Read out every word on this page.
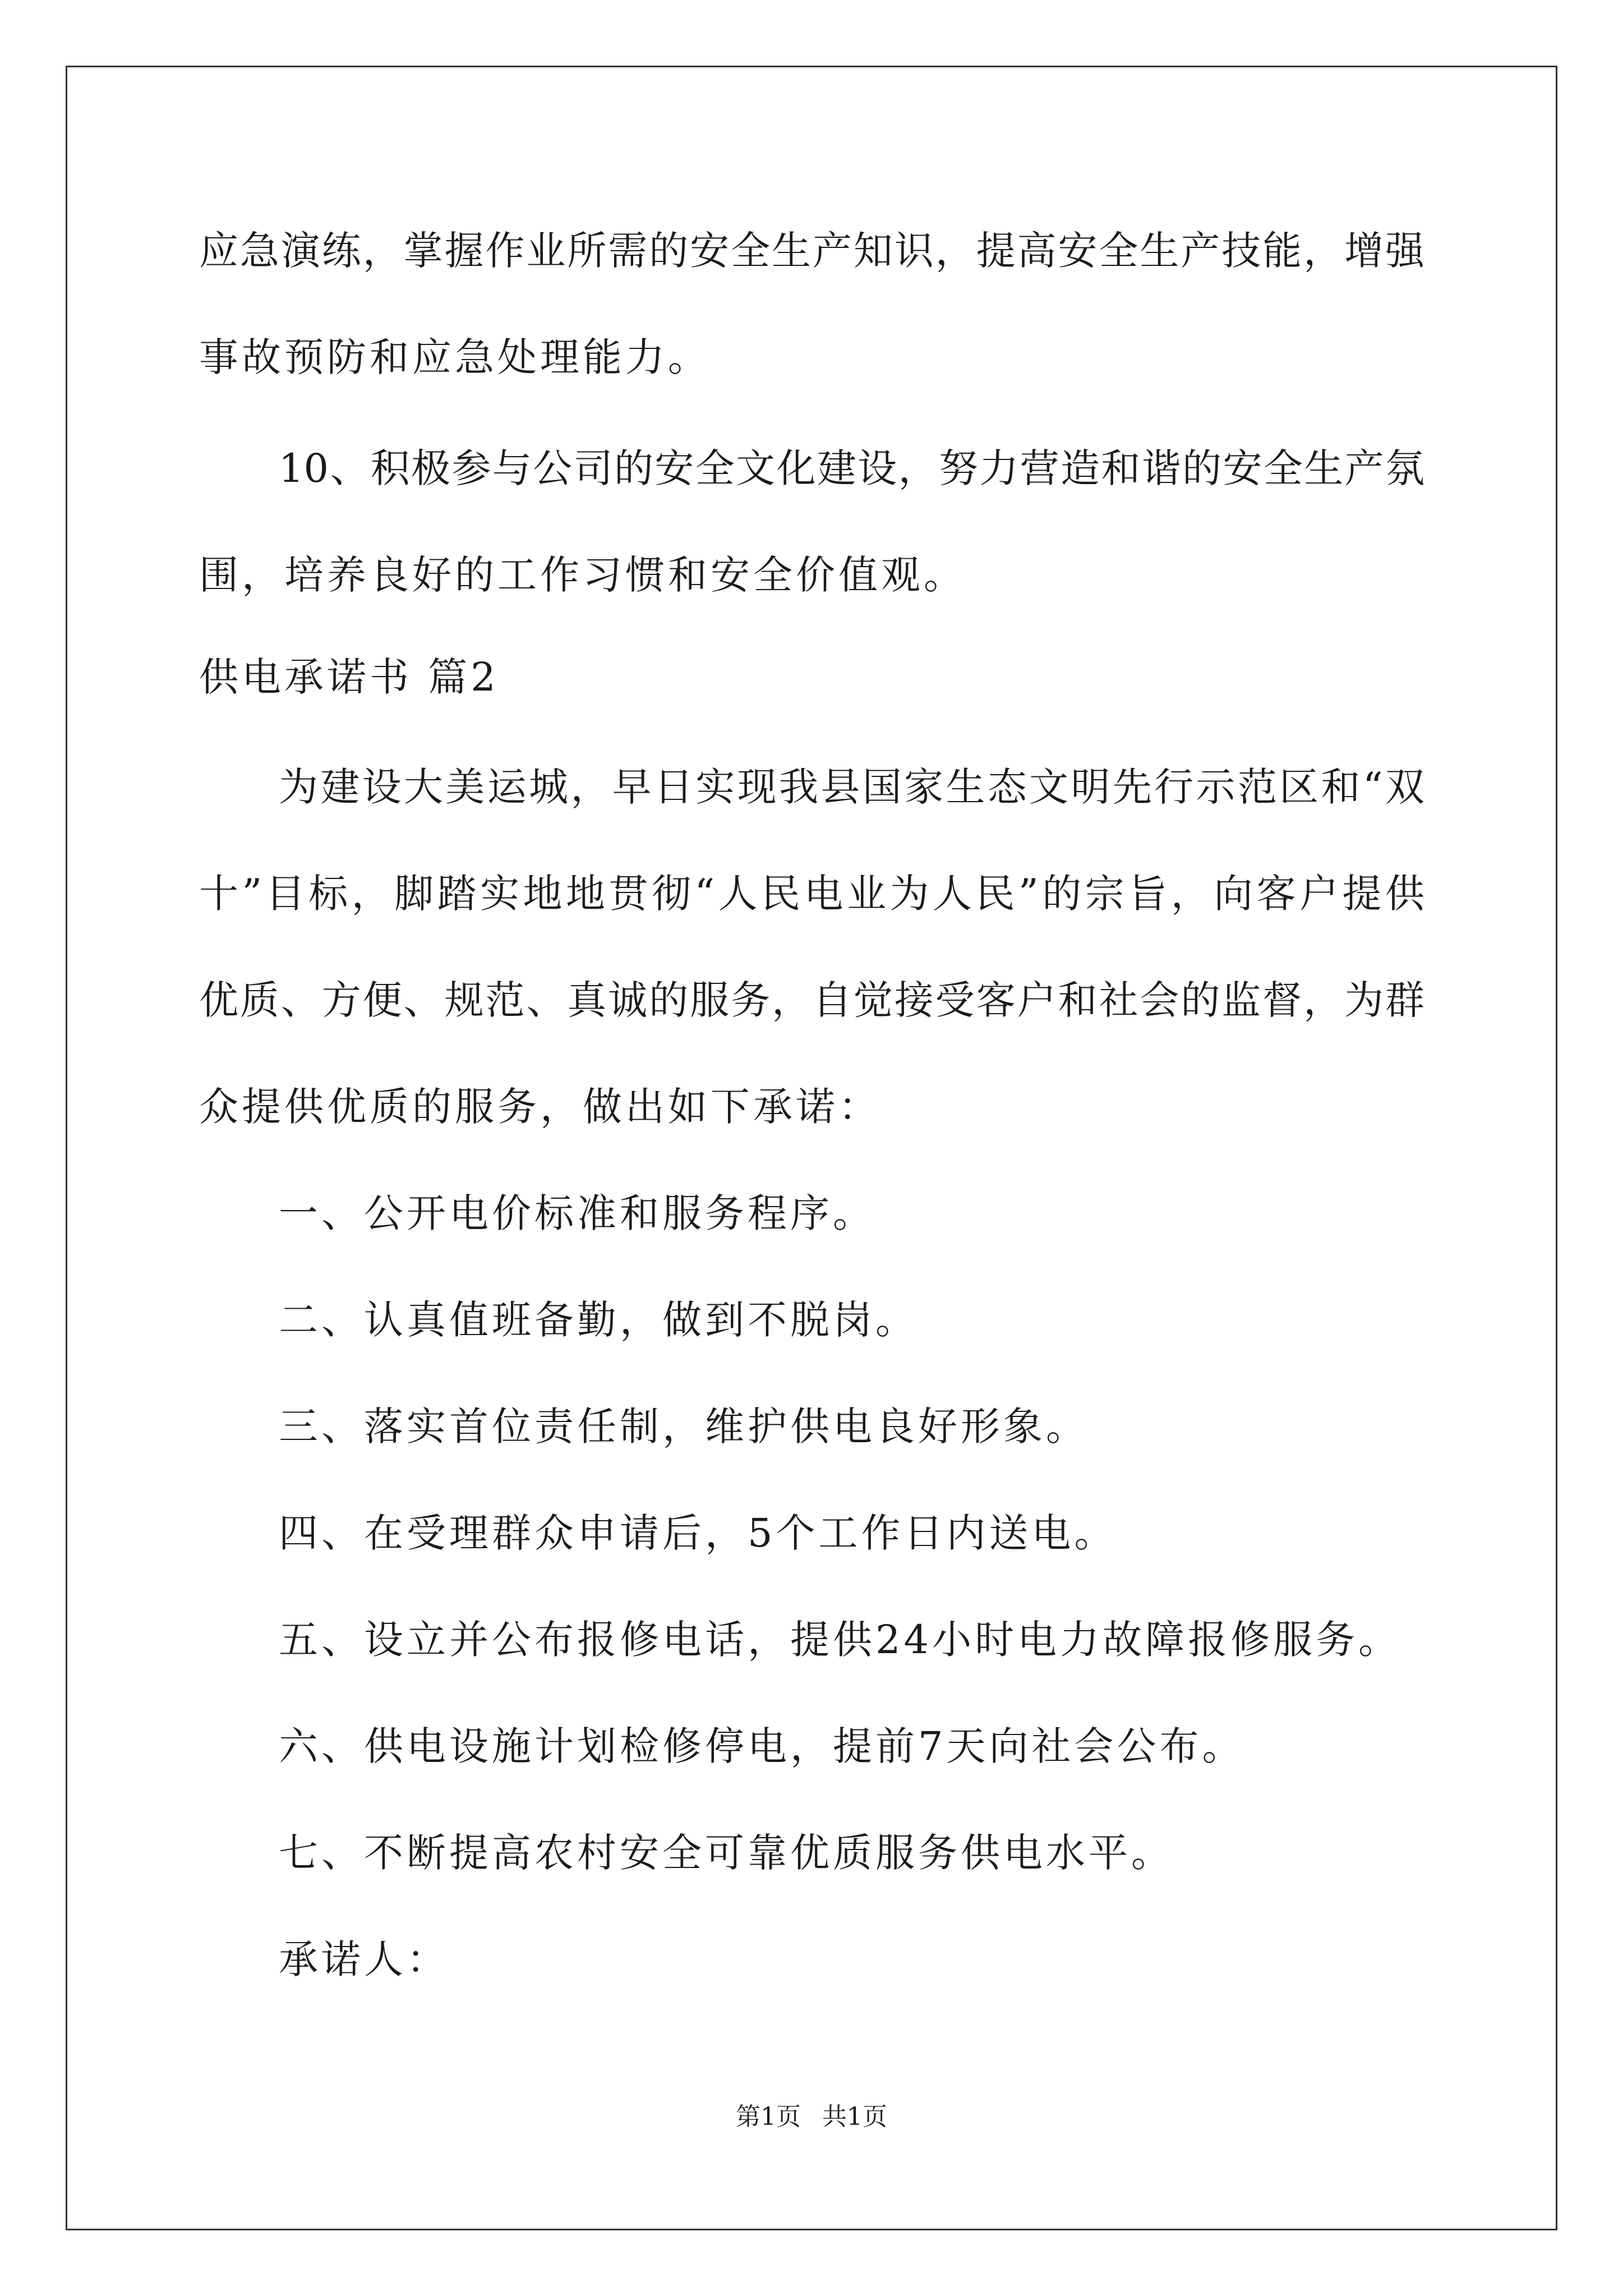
应急演练，掌握作业所需的安全生产知识，提高安全生产技能，增强
事故预防和应急处理能力。
10、积极参与公司的安全文化建设，努力营造和谐的安全生产氛
围，培养良好的工作习惯和安全价值观。
供电承诺书 篇2
为建设大美运城，早日实现我县国家生态文明先行示范区和“双
十”目标，脚踏实地地贯彻“人民电业为人民”的宗旨，向客户提供
优质、方便、规范、真诚的服务，自觉接受客户和社会的监督，为群
众提供优质的服务，做出如下承诺：
一、公开电价标准和服务程序。
二、认真值班备勤，做到不脱岗。
三、落实首位责任制，维护供电良好形象。
四、在受理群众申请后，5个工作日内送电。
五、设立并公布报修电话，提供24小时电力故障报修服务。
六、供电设施计划检修停电，提前7天向社会公布。
七、不断提高农村安全可靠优质服务供电水平。
承诺人：
第1页 共1页
